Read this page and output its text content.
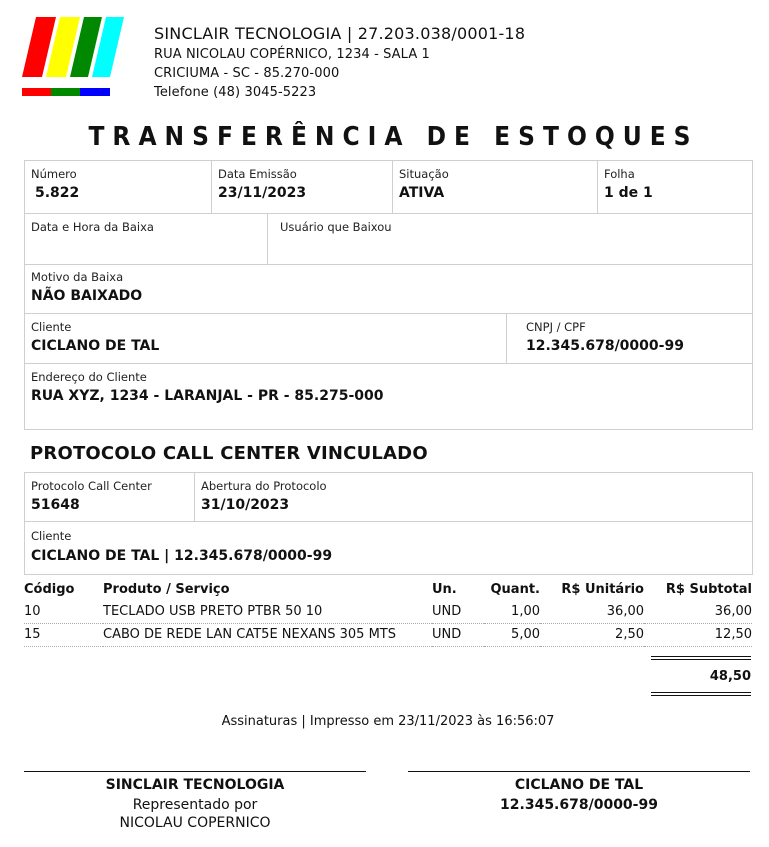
SINCLAIR TECNOLOGIA | 27.203.038/0001-18
RUA NICOLAU COPÉRNICO, 1234 - SALA 1
CRICIUMA - SC - 85.270-000
Telefone (48) 3045-5223
TRANSFERÊNCIA DE ESTOQUES
Número
5.822
Data Emissão
23/11/2023
Situação
ATIVA
Folha
1 de 1
Data e Hora da Baixa	Usuário que Baixou
Motivo da Baixa
NÃO BAIXADO
Cliente
CICLANO DE TAL
CNPJ / CPF
12.345.678/0000-99
Endereço do Cliente
RUA XYZ, 1234 - LARANJAL - PR - 85.275-000
PROTOCOLO CALL CENTER VINCULADO
Protocolo Call Center
51648
Abertura do Protocolo
31/10/2023
Cliente
CICLANO DE TAL | 12.345.678/0000-99
Código	Produto / Serviço	Un.	Quant.	R$ Unitário	R$ Subtotal
10	TECLADO USB PRETO PTBR 50 10	UND	1,00	36,00	36,00
15	CABO DE REDE LAN CAT5E NEXANS 305 MTS	UND	5,00	2,50	12,50
48,50
Assinaturas | Impresso em 23/11/2023 às 16:56:07
SINCLAIR TECNOLOGIA
Representado por
NICOLAU COPERNICO
CICLANO DE TAL
12.345.678/0000-99
